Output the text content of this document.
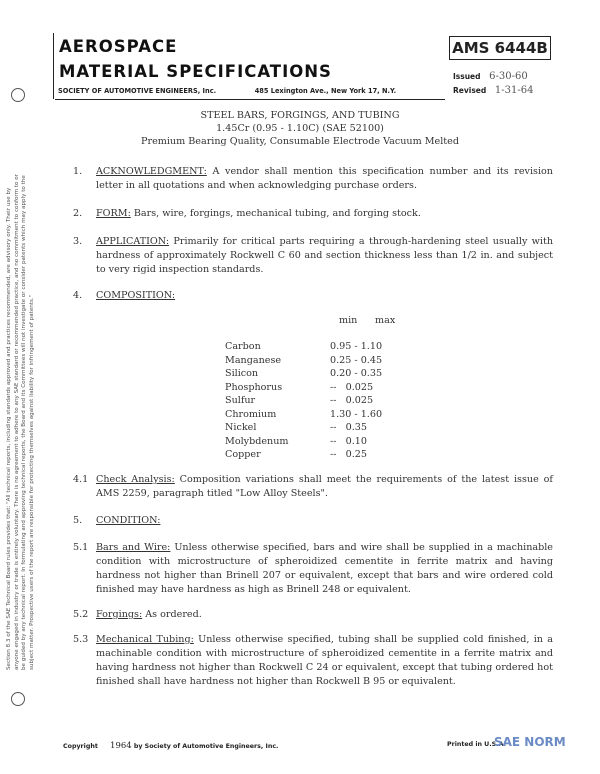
AEROSPACE
MATERIAL SPECIFICATIONS
SOCIETY OF AUTOMOTIVE ENGINEERS, Inc.	485 Lexington Ave., New York 17, N.Y.
AMS 6444B
Issued 6-30-60
Revised 1-31-64
Section 8.3 of the SAE Technical Board rules provides that: "All technical reports, including standards approved and practices recommended, are advisory only. Their use by anyone engaged in industry or trade is entirely voluntary. There is no agreement to adhere to any SAE standard or recommended practice, and no commitment to conform to or be guided by any technical report. In formulating and approving technical reports, the Board and its Committees will not investigate or consider patents which may apply to the subject matter. Prospective users of the report are responsible for protecting themselves against liability for infringement of patents."
STEEL BARS, FORGINGS, AND TUBING
1.45Cr (0.95 - 1.10C) (SAE 52100)
Premium Bearing Quality, Consumable Electrode Vacuum Melted
1. ACKNOWLEDGMENT: A vendor shall mention this specification number and its revision letter in all quotations and when acknowledging purchase orders.
2. FORM: Bars, wire, forgings, mechanical tubing, and forging stock.
3. APPLICATION: Primarily for critical parts requiring a through-hardening steel usually with hardness of approximately Rockwell C 60 and section thickness less than 1/2 in. and subject to very rigid inspection standards.
4. COMPOSITION:
min max
Carbon	0.95 - 1.10
Manganese	0.25 - 0.45
Silicon	0.20 - 0.35
Phosphorus	--   0.025
Sulfur	--   0.025
Chromium	1.30 - 1.60
Nickel	--   0.35
Molybdenum	--   0.10
Copper	--   0.25
4.1 Check Analysis: Composition variations shall meet the requirements of the latest issue of AMS 2259, paragraph titled "Low Alloy Steels".
5. CONDITION:
5.1 Bars and Wire: Unless otherwise specified, bars and wire shall be supplied in a machinable condition with microstructure of spheroidized cementite in ferrite matrix and having hardness not higher than Brinell 207 or equivalent, except that bars and wire ordered cold finished may have hardness as high as Brinell 248 or equivalent.
5.2 Forgings: As ordered.
5.3 Mechanical Tubing: Unless otherwise specified, tubing shall be supplied cold finished, in a machinable condition with microstructure of spheroidized cementite in a ferrite matrix and having hardness not higher than Rockwell C 24 or equivalent, except that tubing ordered hot finished shall have hardness not higher than Rockwell B 95 or equivalent.
Copyright 1964 by Society of Automotive Engineers, Inc.	Printed in U.S.A.
SAE NORM
